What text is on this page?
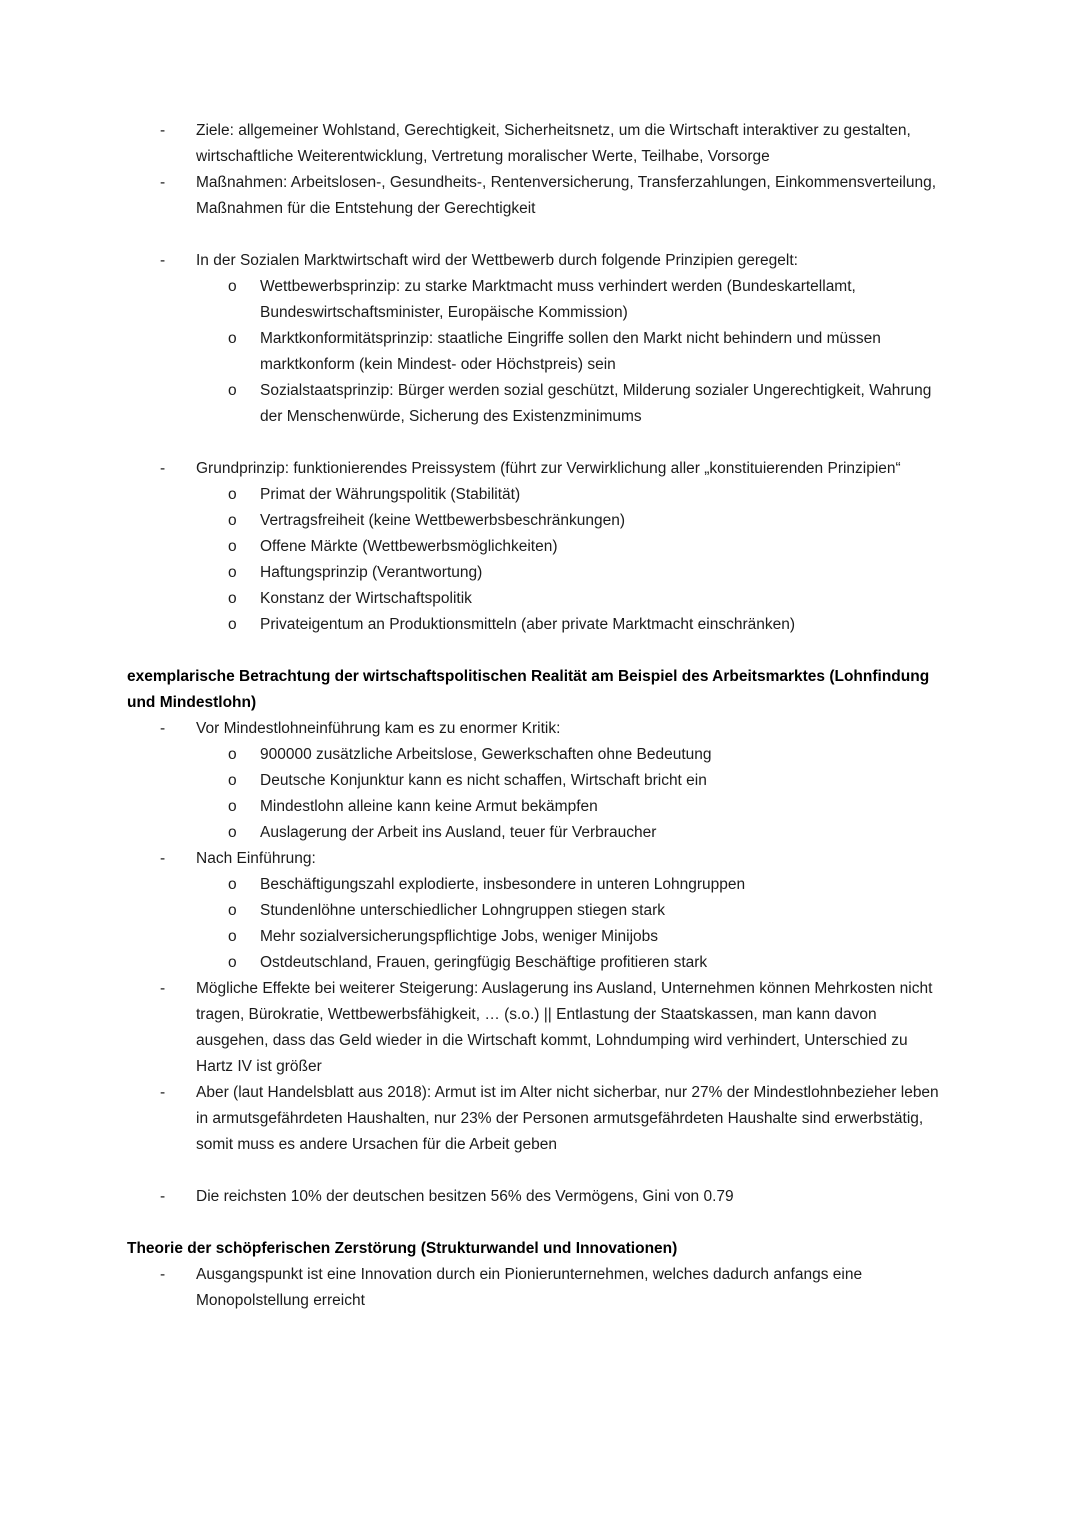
-	Ziele: allgemeiner Wohlstand, Gerechtigkeit, Sicherheitsnetz, um die Wirtschaft interaktiver zu gestalten, wirtschaftliche Weiterentwicklung, Vertretung moralischer Werte, Teilhabe, Vorsorge
-	Maßnahmen: Arbeitslosen-, Gesundheits-, Rentenversicherung, Transferzahlungen, Einkommensverteilung, Maßnahmen für die Entstehung der Gerechtigkeit
-	In der Sozialen Marktwirtschaft wird der Wettbewerb durch folgende Prinzipien geregelt:
o	Wettbewerbsprinzip: zu starke Marktmacht muss verhindert werden (Bundeskartellamt, Bundeswirtschaftsminister, Europäische Kommission)
o	Marktkonformitätsprinzip: staatliche Eingriffe sollen den Markt nicht behindern und müssen marktkonform (kein Mindest- oder Höchstpreis) sein
o	Sozialstaatsprinzip: Bürger werden sozial geschützt, Milderung sozialer Ungerechtigkeit, Wahrung der Menschenwürde, Sicherung des Existenzminimums
-	Grundprinzip: funktionierendes Preissystem (führt zur Verwirklichung aller „konstituierenden Prinzipien“
o	Primat der Währungspolitik (Stabilität)
o	Vertragsfreiheit (keine Wettbewerbsbeschränkungen)
o	Offene Märkte (Wettbewerbsmöglichkeiten)
o	Haftungsprinzip (Verantwortung)
o	Konstanz der Wirtschaftspolitik
o	Privateigentum an Produktionsmitteln (aber private Marktmacht einschränken)
exemplarische Betrachtung der wirtschaftspolitischen Realität am Beispiel des Arbeitsmarktes (Lohnfindung und Mindestlohn)
-	Vor Mindestlohneinführung kam es zu enormer Kritik:
o	900000 zusätzliche Arbeitslose, Gewerkschaften ohne Bedeutung
o	Deutsche Konjunktur kann es nicht schaffen, Wirtschaft bricht ein
o	Mindestlohn alleine kann keine Armut bekämpfen
o	Auslagerung der Arbeit ins Ausland, teuer für Verbraucher
-	Nach Einführung:
o	Beschäftigungszahl explodierte, insbesondere in unteren Lohngruppen
o	Stundenlöhne unterschiedlicher Lohngruppen stiegen stark
o	Mehr sozialversicherungspflichtige Jobs, weniger Minijobs
o	Ostdeutschland, Frauen, geringfügig Beschäftige profitieren stark
-	Mögliche Effekte bei weiterer Steigerung: Auslagerung ins Ausland, Unternehmen können Mehrkosten nicht tragen, Bürokratie, Wettbewerbsfähigkeit, … (s.o.) || Entlastung der Staatskassen, man kann davon ausgehen, dass das Geld wieder in die Wirtschaft kommt, Lohndumping wird verhindert, Unterschied zu Hartz IV ist größer
-	Aber (laut Handelsblatt aus 2018): Armut ist im Alter nicht sicherbar, nur 27% der Mindestlohnbezieher leben in armutsgefährdeten Haushalten, nur 23% der Personen armutsgefährdeten Haushalte sind erwerbstätig, somit muss es andere Ursachen für die Arbeit geben
-	Die reichsten 10% der deutschen besitzen 56% des Vermögens, Gini von 0.79
Theorie der schöpferischen Zerstörung (Strukturwandel und Innovationen)
-	Ausgangspunkt ist eine Innovation durch ein Pionierunternehmen, welches dadurch anfangs eine Monopolstellung erreicht
